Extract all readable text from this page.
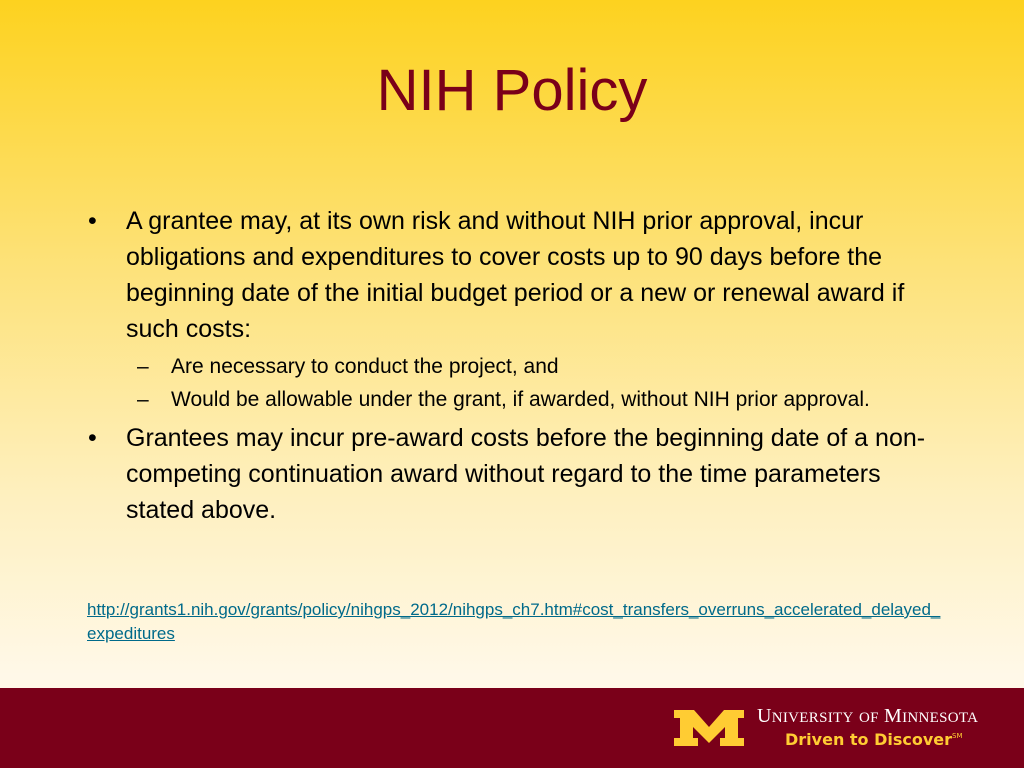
NIH Policy
• A grantee may, at its own risk and without NIH prior approval, incur obligations and expenditures to cover costs up to 90 days before the beginning date of the initial budget period or a new or renewal award if such costs:
– Are necessary to conduct the project, and
– Would be allowable under the grant, if awarded, without NIH prior approval.
• Grantees may incur pre-award costs before the beginning date of a non-competing continuation award without regard to the time parameters stated above.
http://grants1.nih.gov/grants/policy/nihgps_2012/nihgps_ch7.htm#cost_transfers_overruns_accelerated_delayed_expeditures
UNIVERSITY OF MINNESOTA
Driven to Discover℠
